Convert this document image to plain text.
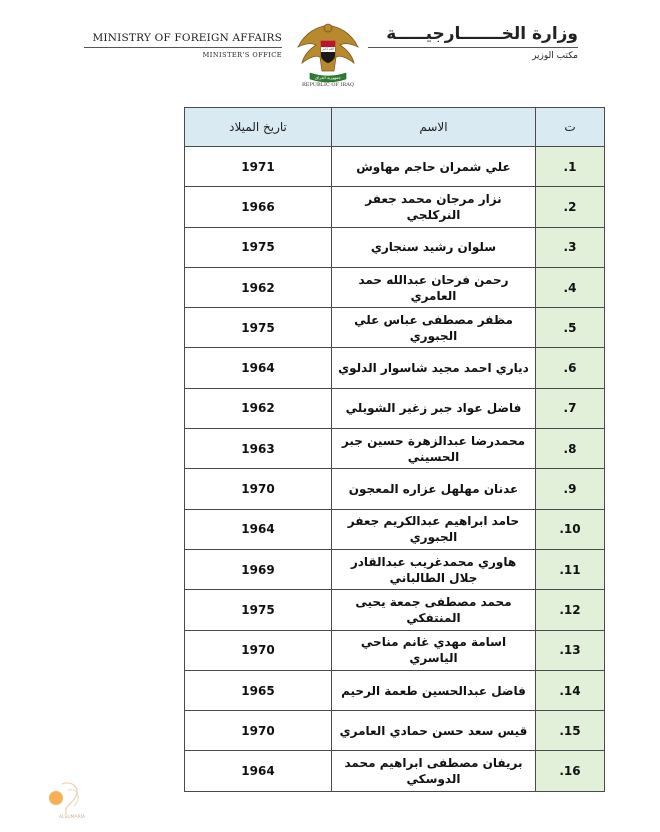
MINISTRY OF FOREIGN AFFAIRS
MINISTER'S OFFICE
الله أكبر
جمهورية العراق
REPUBLIC OF IRAQ
وزارة الخـــــــارجيـــــة
مكتب الوزير
ت	الاسم	تاريخ الميلاد
1.	علي شمران حاجم مهاوش	1971
2.	نزار مرجان محمد جعفر النركلجي	1966
3.	سلوان رشيد سنجاري	1975
4.	رحمن فرحان عبدالله حمد العامري	1962
5.	مظفر مصطفى عباس علي الجبوري	1975
6.	دياري احمد مجيد شاسوار الدلوي	1964
7.	فاضل عواد جبر زغير الشويلي	1962
8.	محمدرضا عبدالزهرة حسين جبر الحسيني	1963
9.	عدنان مهلهل عزاره المعجون	1970
10.	حامد ابراهيم عبدالكريم جعفر الجبوري	1964
11.	هاوري محمدغريب عبدالقادر جلال الطالباني	1969
12.	محمد مصطفى جمعة يحيى المنتفكي	1975
13.	اسامة مهدي غانم مناحي الياسري	1970
14.	فاضل عبدالحسين طعمة الرحيم	1965
15.	قيس سعد حسن حمادي العامري	1970
16.	بريفان مصطفى ابراهيم محمد الدوسكي	1964
ALSUMARIA
